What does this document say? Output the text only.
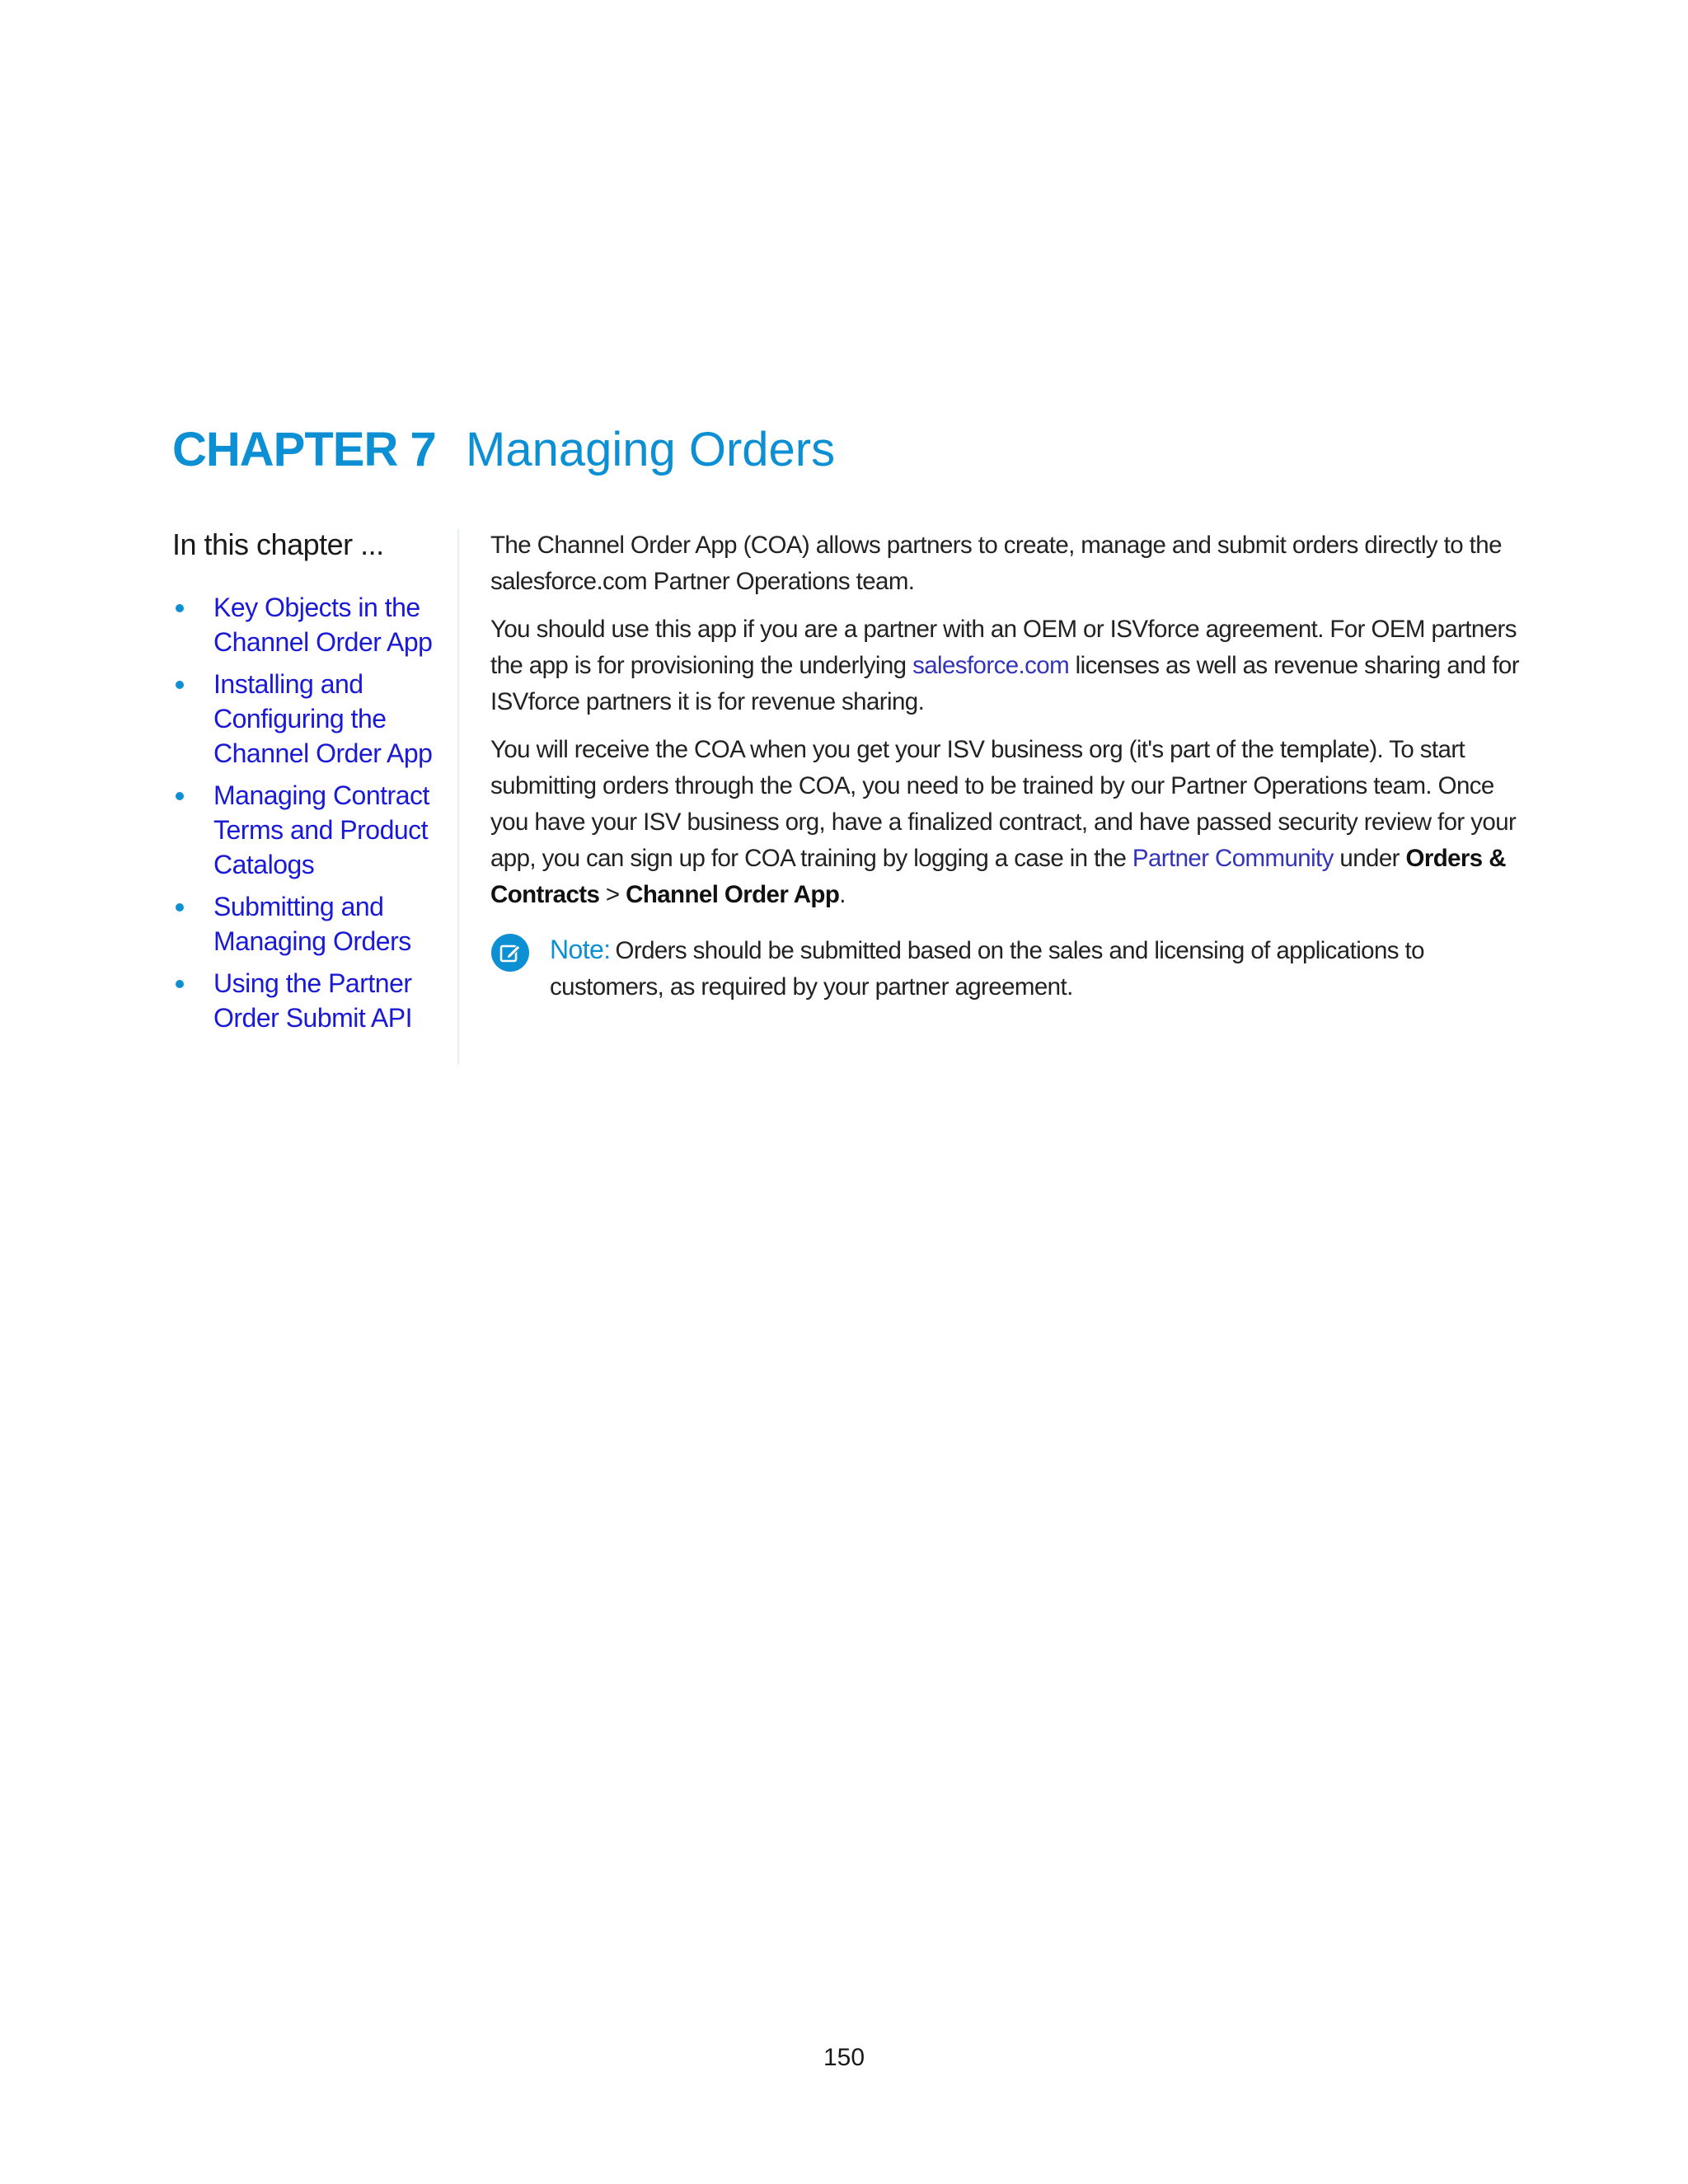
CHAPTER 7 Managing Orders
In this chapter ...
Key Objects in the Channel Order App
Installing and Configuring the Channel Order App
Managing Contract Terms and Product Catalogs
Submitting and Managing Orders
Using the Partner Order Submit API

The Channel Order App (COA) allows partners to create, manage and submit orders directly to the salesforce.com Partner Operations team.

You should use this app if you are a partner with an OEM or ISVforce agreement. For OEM partners the app is for provisioning the underlying salesforce.com licenses as well as revenue sharing and for ISVforce partners it is for revenue sharing.

You will receive the COA when you get your ISV business org (it's part of the template). To start submitting orders through the COA, you need to be trained by our Partner Operations team. Once you have your ISV business org, have a finalized contract, and have passed security review for your app, you can sign up for COA training by logging a case in the Partner Community under Orders & Contracts > Channel Order App.

Note: Orders should be submitted based on the sales and licensing of applications to customers, as required by your partner agreement.
150
